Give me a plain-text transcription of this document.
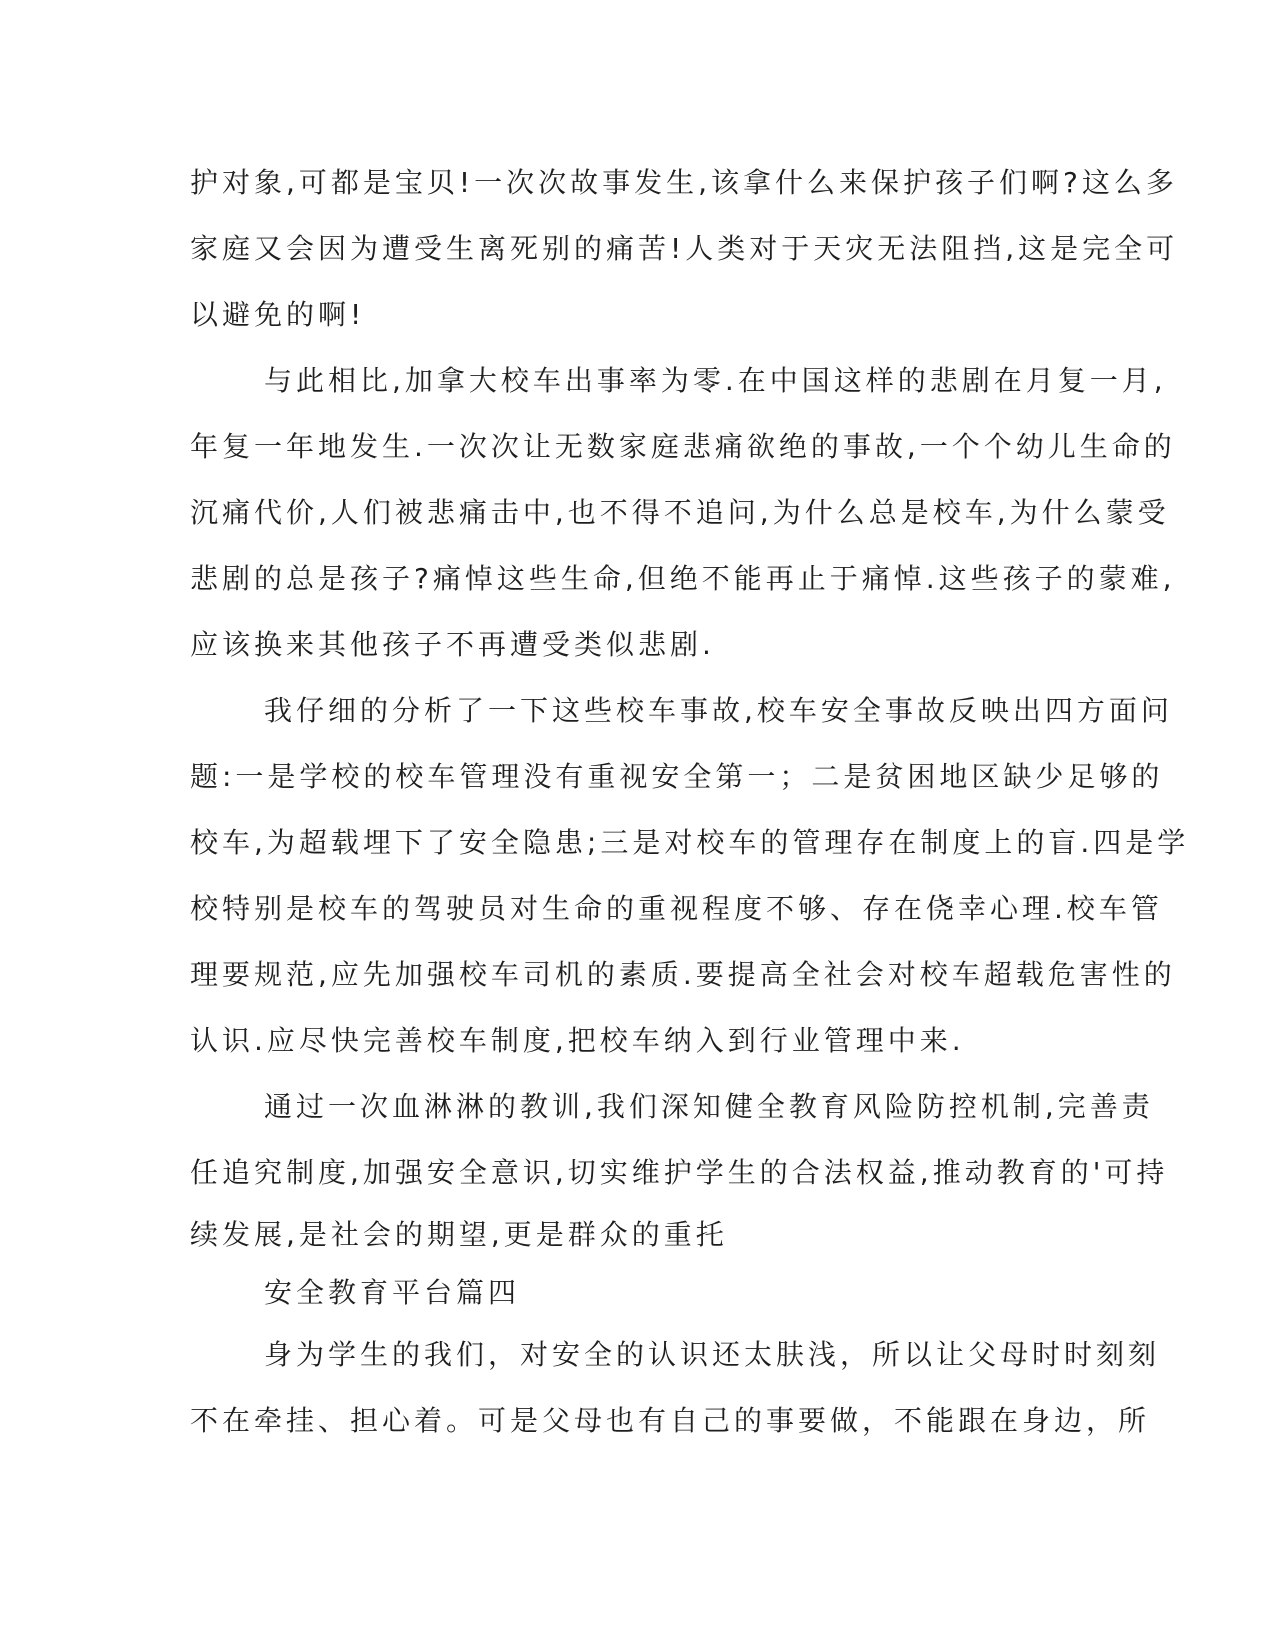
护对象,可都是宝贝!一次次故事发生,该拿什么来保护孩子们啊?这么多
家庭又会因为遭受生离死别的痛苦!人类对于天灾无法阻挡,这是完全可
以避免的啊!
与此相比,加拿大校车出事率为零.在中国这样的悲剧在月复一月,
年复一年地发生.一次次让无数家庭悲痛欲绝的事故,一个个幼儿生命的
沉痛代价,人们被悲痛击中,也不得不追问,为什么总是校车,为什么蒙受
悲剧的总是孩子?痛悼这些生命,但绝不能再止于痛悼.这些孩子的蒙难,
应该换来其他孩子不再遭受类似悲剧.
我仔细的分析了一下这些校车事故,校车安全事故反映出四方面问
题:一是学校的校车管理没有重视安全第一；二是贫困地区缺少足够的
校车,为超载埋下了安全隐患;三是对校车的管理存在制度上的盲.四是学
校特别是校车的驾驶员对生命的重视程度不够、存在侥幸心理.校车管
理要规范,应先加强校车司机的素质.要提高全社会对校车超载危害性的
认识.应尽快完善校车制度,把校车纳入到行业管理中来.
通过一次血淋淋的教训,我们深知健全教育风险防控机制,完善责
任追究制度,加强安全意识,切实维护学生的合法权益,推动教育的'可持
续发展,是社会的期望,更是群众的重托
安全教育平台篇四
身为学生的我们，对安全的认识还太肤浅，所以让父母时时刻刻
不在牵挂、担心着。可是父母也有自己的事要做，不能跟在身边，所
